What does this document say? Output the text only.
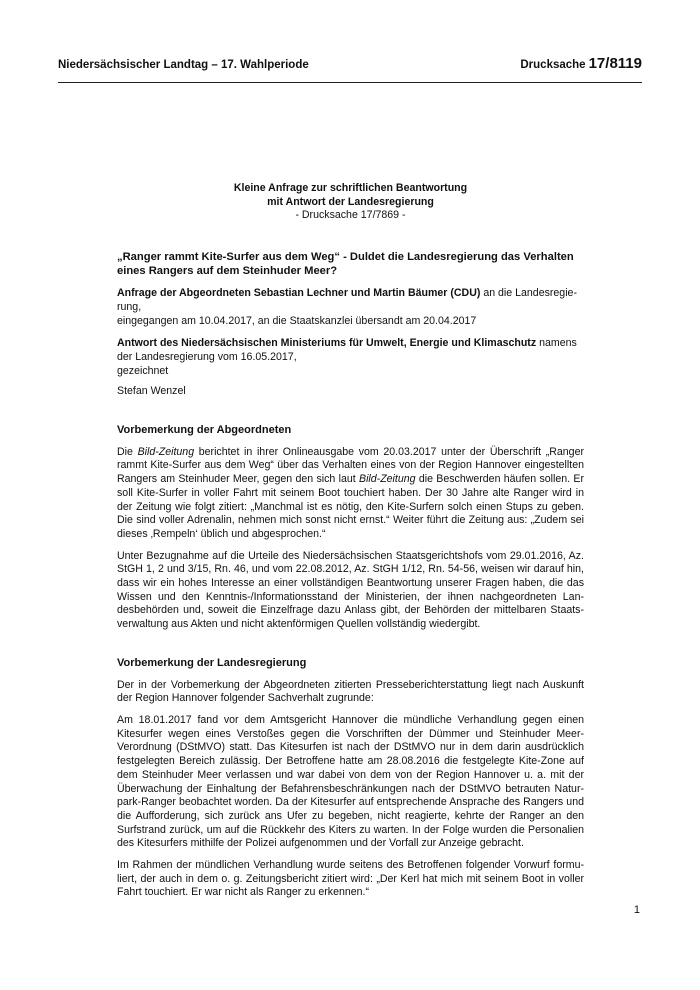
Niedersächsischer Landtag – 17. Wahlperiode	Drucksache 17/8119

Kleine Anfrage zur schriftlichen Beantwortung

mit Antwort der Landesregierung

- Drucksache 17/7869 -

„Ranger rammt Kite-Surfer aus dem Weg“ - Duldet die Landesregierung das Verhalten eines Rangers auf dem Steinhuder Meer?

Anfrage der Abgeordneten Sebastian Lechner und Martin Bäumer (CDU) an die Landesregie-rung,

eingegangen am 10.04.2017, an die Staatskanzlei übersandt am 20.04.2017

Antwort des Niedersächsischen Ministeriums für Umwelt, Energie und Klimaschutz namens der Landesregierung vom 16.05.2017,

gezeichnet

Stefan Wenzel

Vorbemerkung der Abgeordneten

Die Bild-Zeitung berichtet in ihrer Onlineausgabe vom 20.03.2017 unter der Überschrift „Ranger rammt Kite-Surfer aus dem Weg“ über das Verhalten eines von der Region Hannover eingestellten Rangers am Steinhuder Meer, gegen den sich laut Bild-Zeitung die Beschwerden häufen sollen. Er soll Kite-Surfer in voller Fahrt mit seinem Boot touchiert haben. Der 30 Jahre alte Ranger wird in der Zeitung wie folgt zitiert: „Manchmal ist es nötig, den Kite-Surfern solch einen Stups zu geben. Die sind voller Adrenalin, nehmen mich sonst nicht ernst.“ Weiter führt die Zeitung aus: „Zudem sei dieses ‚Rempeln‘ üblich und abgesprochen.“

Unter Bezugnahme auf die Urteile des Niedersächsischen Staatsgerichtshofs vom 29.01.2016, Az. StGH 1, 2 und 3/15, Rn. 46, und vom 22.08.2012, Az. StGH 1/12, Rn. 54-56, weisen wir darauf hin, dass wir ein hohes Interesse an einer vollständigen Beantwortung unserer Fragen haben, die das Wissen und den Kenntnis-/Informationsstand der Ministerien, der ihnen nachgeordneten Lan-desbehörden und, soweit die Einzelfrage dazu Anlass gibt, der Behörden der mittelbaren Staats-verwaltung aus Akten und nicht aktenförmigen Quellen vollständig wiedergibt.

Vorbemerkung der Landesregierung

Der in der Vorbemerkung der Abgeordneten zitierten Presseberichterstattung liegt nach Auskunft der Region Hannover folgender Sachverhalt zugrunde:

Am 18.01.2017 fand vor dem Amtsgericht Hannover die mündliche Verhandlung gegen einen Kitesurfer wegen eines Verstoßes gegen die Vorschriften der Dümmer und Steinhuder Meer-Verordnung (DStMVO) statt. Das Kitesurfen ist nach der DStMVO nur in dem darin ausdrücklich festgelegten Bereich zulässig. Der Betroffene hatte am 28.08.2016 die festgelegte Kite-Zone auf dem Steinhuder Meer verlassen und war dabei von dem von der Region Hannover u. a. mit der Überwachung der Einhaltung der Befahrensbeschränkungen nach der DStMVO betrauten Natur-park-Ranger beobachtet worden. Da der Kitesurfer auf entsprechende Ansprache des Rangers und die Aufforderung, sich zurück ans Ufer zu begeben, nicht reagierte, kehrte der Ranger an den Surfstrand zurück, um auf die Rückkehr des Kiters zu warten. In der Folge wurden die Personalien des Kitesurfers mithilfe der Polizei aufgenommen und der Vorfall zur Anzeige gebracht.

Im Rahmen der mündlichen Verhandlung wurde seitens des Betroffenen folgender Vorwurf formu-liert, der auch in dem o. g. Zeitungsbericht zitiert wird: „Der Kerl hat mich mit seinem Boot in voller Fahrt touchiert. Er war nicht als Ranger zu erkennen.“

1
